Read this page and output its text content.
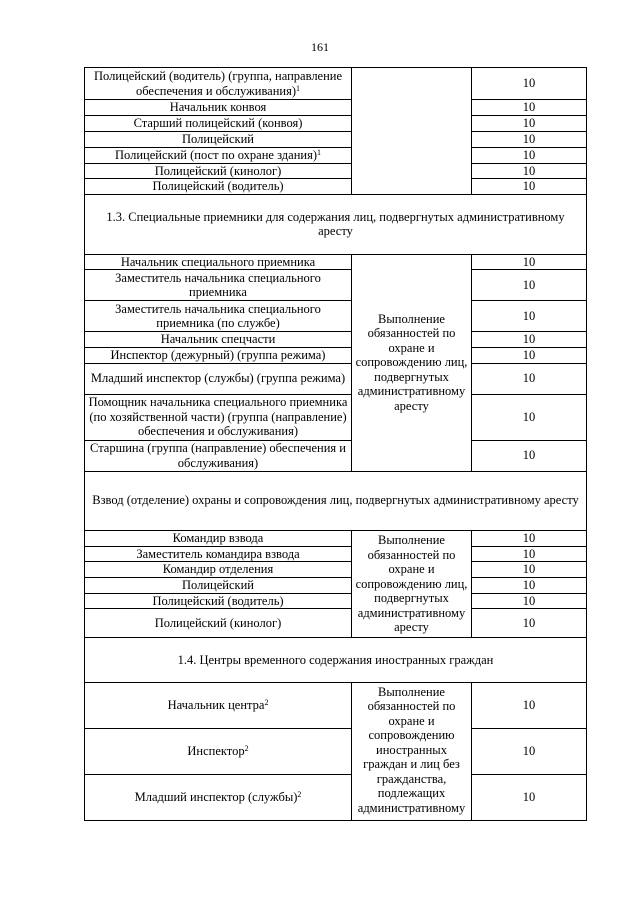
161
Полицейский (водитель) (группа, направление обеспечения и обслуживания)$^1$		10
Начальник конвоя		10
Старший полицейский (конвоя)		10
Полицейский		10
Полицейский (пост по охране здания)$^1$		10
Полицейский (кинолог)		10
Полицейский (водитель)		10
1.3. Специальные приемники для содержания лиц, подвергнутых административному аресту		
Начальник специального приемника	Выполнение обязанностей по охране и сопровождению лиц, подвергнутых административному аресту	10
Заместитель начальника специального приемника		10
Заместитель начальника специального приемника (по службе)		10
Начальник спецчасти		10
Инспектор (дежурный) (группа режима)		10
Младший инспектор (службы) (группа режима)		10
Помощник начальника специального приемника (по хозяйственной части) (группа (направление) обеспечения и обслуживания)		10
Старшина (группа (направление) обеспечения и обслуживания)		10
Взвод (отделение) охраны и сопровождения лиц, подвергнутых административному аресту		
Командир взвода	Выполнение обязанностей по охране и сопровождению лиц, подвергнутых административному аресту	10
Заместитель командира взвода		10
Командир отделения		10
Полицейский		10
Полицейский (водитель)		10
Полицейский (кинолог)		10
1.4. Центры временного содержания иностранных граждан		
Начальник центра$^2$	Выполнение обязанностей по охране и сопровождению иностранных граждан и лиц без гражданства, подлежащих административному	10
Инспектор$^2$		10
Младший инспектор (службы)$^2$		10
